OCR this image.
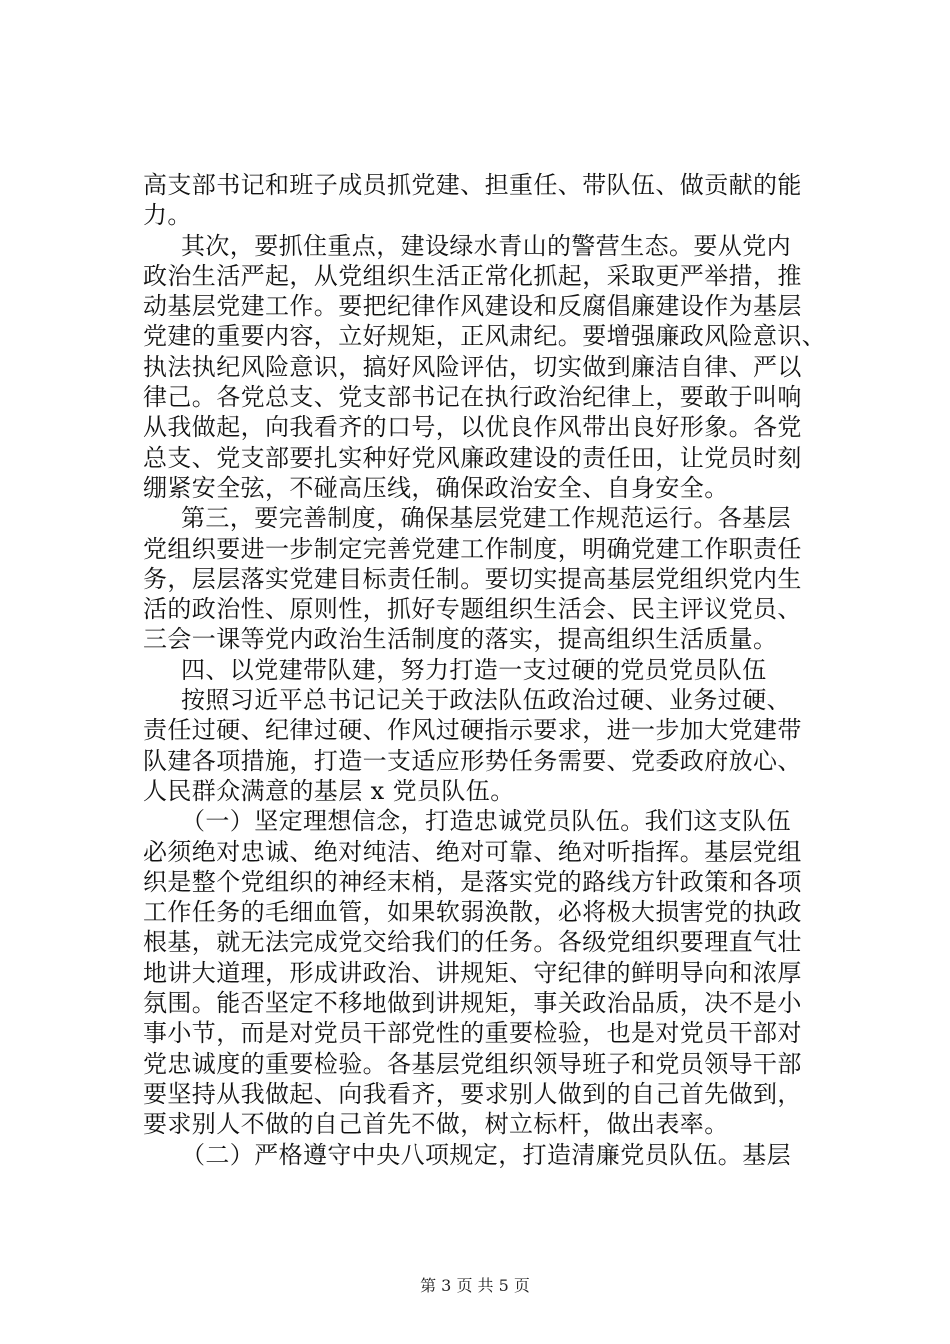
高支部书记和班子成员抓党建、担重任、带队伍、做贡献的能
力。
其次，要抓住重点，建设绿水青山的警营生态。要从党内
政治生活严起，从党组织生活正常化抓起，采取更严举措，推
动基层党建工作。要把纪律作风建设和反腐倡廉建设作为基层
党建的重要内容，立好规矩，正风肃纪。要增强廉政风险意识、
执法执纪风险意识，搞好风险评估，切实做到廉洁自律、严以
律己。各党总支、党支部书记在执行政治纪律上，要敢于叫响
从我做起，向我看齐的口号，以优良作风带出良好形象。各党
总支、党支部要扎实种好党风廉政建设的责任田，让党员时刻
绷紧安全弦，不碰高压线，确保政治安全、自身安全。
第三，要完善制度，确保基层党建工作规范运行。各基层
党组织要进一步制定完善党建工作制度，明确党建工作职责任
务，层层落实党建目标责任制。要切实提高基层党组织党内生
活的政治性、原则性，抓好专题组织生活会、民主评议党员、
三会一课等党内政治生活制度的落实，提高组织生活质量。
四、以党建带队建，努力打造一支过硬的党员党员队伍
按照习近平总书记记关于政法队伍政治过硬、业务过硬、
责任过硬、纪律过硬、作风过硬指示要求，进一步加大党建带
队建各项措施，打造一支适应形势任务需要、党委政府放心、
人民群众满意的基层 x 党员队伍。
（一）坚定理想信念，打造忠诚党员队伍。我们这支队伍
必须绝对忠诚、绝对纯洁、绝对可靠、绝对听指挥。基层党组
织是整个党组织的神经末梢，是落实党的路线方针政策和各项
工作任务的毛细血管，如果软弱涣散，必将极大损害党的执政
根基，就无法完成党交给我们的任务。各级党组织要理直气壮
地讲大道理，形成讲政治、讲规矩、守纪律的鲜明导向和浓厚
氛围。能否坚定不移地做到讲规矩，事关政治品质，决不是小
事小节，而是对党员干部党性的重要检验，也是对党员干部对
党忠诚度的重要检验。各基层党组织领导班子和党员领导干部
要坚持从我做起、向我看齐，要求别人做到的自己首先做到，
要求别人不做的自己首先不做，树立标杆，做出表率。
（二）严格遵守中央八项规定，打造清廉党员队伍。基层
第 3 页 共 5 页
